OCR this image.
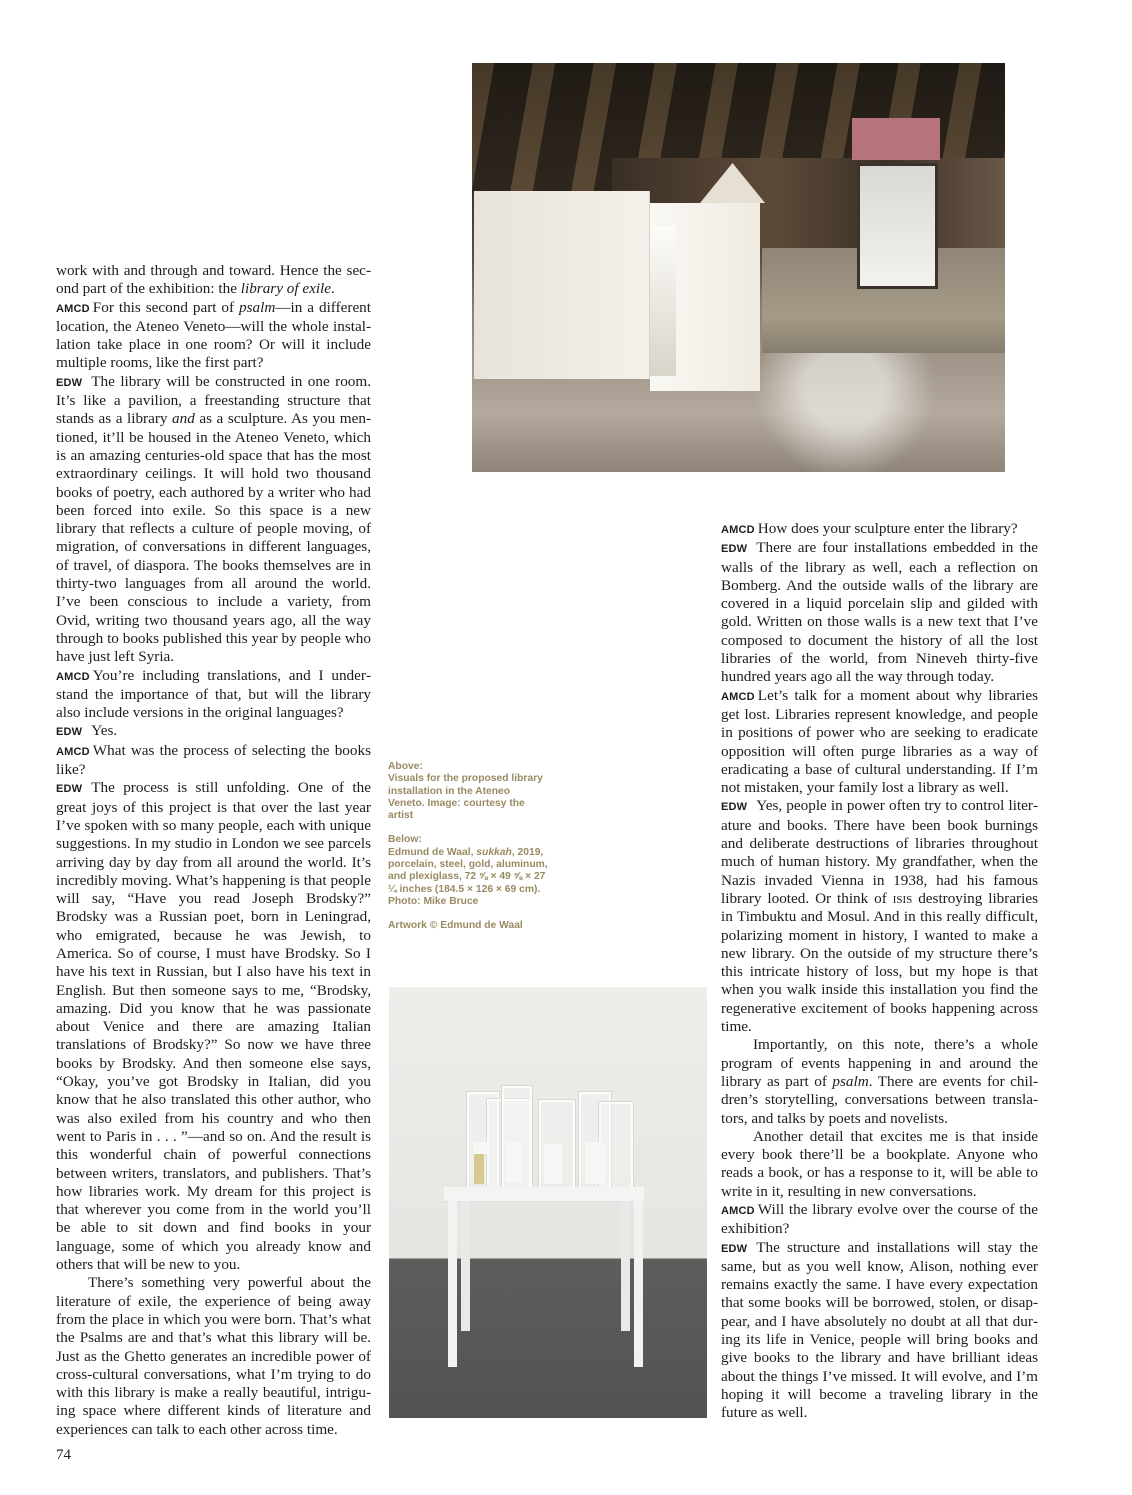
work with and through and toward. Hence the second part of the exhibition: the library of exile.

AMCD For this second part of psalm—in a different location, the Ateneo Veneto—will the whole installation take place in one room? Or will it include multiple rooms, like the first part?

EDW The library will be constructed in one room. It’s like a pavilion, a freestanding structure that stands as a library and as a sculpture. As you mentioned, it’ll be housed in the Ateneo Veneto, which is an amazing centuries-old space that has the most extraordinary ceilings. It will hold two thousand books of poetry, each authored by a writer who had been forced into exile. So this space is a new library that reflects a culture of people moving, of migration, of conversations in different languages, of travel, of diaspora. The books themselves are in thirty-two languages from all around the world. I’ve been conscious to include a variety, from Ovid, writing two thousand years ago, all the way through to books published this year by people who have just left Syria.

AMCD You’re including translations, and I understand the importance of that, but will the library also include versions in the original languages?

EDW Yes.

AMCD What was the process of selecting the books like?

EDW The process is still unfolding. One of the great joys of this project is that over the last year I’ve spoken with so many people, each with unique suggestions. In my studio in London we see parcels arriving day by day from all around the world. It’s incredibly moving. What’s happening is that people will say, “Have you read Joseph Brodsky?” Brodsky was a Russian poet, born in Leningrad, who emigrated, because he was Jewish, to America. So of course, I must have Brodsky. So I have his text in Russian, but I also have his text in English. But then someone says to me, “Brodsky, amazing. Did you know that he was passionate about Venice and there are amazing Italian translations of Brodsky?” So now we have three books by Brodsky. And then someone else says, “Okay, you’ve got Brodsky in Italian, did you know that he also translated this other author, who was also exiled from his country and who then went to Paris in . . . ”—and so on. And the result is this wonderful chain of powerful connections between writers, translators, and publishers. That’s how libraries work. My dream for this project is that wherever you come from in the world you’ll be able to sit down and find books in your language, some of which you already know and others that will be new to you.

There’s something very powerful about the literature of exile, the experience of being away from the place in which you were born. That’s what the Psalms are and that’s what this library will be. Just as the Ghetto generates an incredible power of cross-cultural conversations, what I’m trying to do with this library is make a really beautiful, intriguing space where different kinds of literature and experiences can talk to each other across time.

Above:
Visuals for the proposed library installation in the Ateneo Veneto. Image: courtesy the artist

Below:
Edmund de Waal, sukkah, 2019, porcelain, steel, gold, aluminum, and plexiglass, 72 ⅝ × 49 ⅝ × 27 ¼ inches (184.5 × 126 × 69 cm). Photo: Mike Bruce

Artwork © Edmund de Waal

AMCD How does your sculpture enter the library?

EDW There are four installations embedded in the walls of the library as well, each a reflection on Bomberg. And the outside walls of the library are covered in a liquid porcelain slip and gilded with gold. Written on those walls is a new text that I’ve composed to document the history of all the lost libraries of the world, from Nineveh thirty-five hundred years ago all the way through today.

AMCD Let’s talk for a moment about why libraries get lost. Libraries represent knowledge, and people in positions of power who are seeking to eradicate opposition will often purge libraries as a way of eradicating a base of cultural understanding. If I’m not mistaken, your family lost a library as well.

EDW Yes, people in power often try to control literature and books. There have been book burnings and deliberate destructions of libraries throughout much of human history. My grandfather, when the Nazis invaded Vienna in 1938, had his famous library looted. Or think of isis destroying libraries in Timbuktu and Mosul. And in this really difficult, polarizing moment in history, I wanted to make a new library. On the outside of my structure there’s this intricate history of loss, but my hope is that when you walk inside this installation you find the regenerative excitement of books happening across time.

Importantly, on this note, there’s a whole program of events happening in and around the library as part of psalm. There are events for children’s storytelling, conversations between translators, and talks by poets and novelists.

Another detail that excites me is that inside every book there’ll be a bookplate. Anyone who reads a book, or has a response to it, will be able to write in it, resulting in new conversations.

AMCD Will the library evolve over the course of the exhibition?

EDW The structure and installations will stay the same, but as you well know, Alison, nothing ever remains exactly the same. I have every expectation that some books will be borrowed, stolen, or disappear, and I have absolutely no doubt at all that during its life in Venice, people will bring books and give books to the library and have brilliant ideas about the things I’ve missed. It will evolve, and I’m hoping it will become a traveling library in the future as well.

74
